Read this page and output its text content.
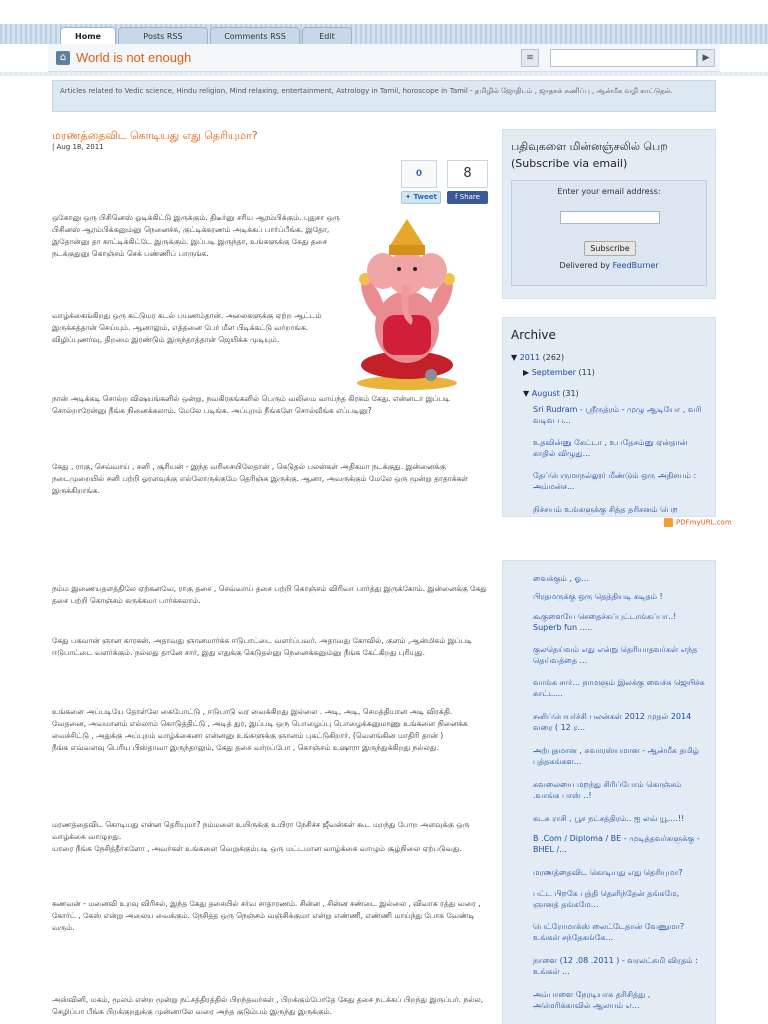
Home	Posts RSS	Comments RSS	Edit
⌂ World is not enough	≋	▶
Articles related to Vedic science, Hindu religion, Mind relaxing, entertainment, Astrology in Tamil, horoscope in Tamil - தமிழில் ஜோதிடம் , ஜாதகக் கணிப்பு , ஆன்மீக வழி காட்டுதல்.
மரணத்தைவிட கொடியது எது தெரியுமா?
| Aug 18, 2011
0	8
✦ Tweet	f Share
ஒகோனு ஒரு பிசினெஸ் ஓடிக்கிட்டு இருக்கும். திடீர்னு சரிய ஆரம்பிக்கும். புதுசா ஒரு பிசினஸ் ஆரம்பிக்கனும்னு நெனைச்சு, குட்டிக்கரணம் அடிக்கப் பார்ப்பீங்க. இதோ, இதோன்னு தா காட்டிக்கிட்டே இருக்கும். இப்படி இருந்தா, உங்களுக்கு கேது தசை நடக்குதுனு கொஞ்சம் செக் பண்ணிப் பாருங்க.
வாழ்க்கைங்கிறது ஒரு கட்டுமர கடல் பயணம்தான். அலைகளுக்கு ஏற்ற ஆட்டம் இருக்கத்தான் செய்யும். ஆனாலும், எத்தனை பேர் மீள பிடிக்கட்டு வர்றாங்க. விழிப்புணர்வு, திறமை இரண்டும் இருந்தாத்தான் ஜெயிக்க முடியும்.
நான் அடிக்கடி சொல்ற விஷயங்களில் ஒன்று, நவகிரகங்களில் பெரும் வலிமை வாய்ந்த கிரகம் கேது. என்னடா இப்படி சொல்றாரேன்னு நீங்க நினைக்கலாம். மேலே படிங்க. அப்புறம் நீங்களே சொல்வீங்க எப்படினு?
கேது , ராகு, செவ்வாய் , சனி , சூரியன் - இந்த வரிசையிலேதான் , கெடுதல் பலன்கள் அதிகமா நடக்குது. இன்னைக்கு நடைமுறையில் சனி பற்றி ஓரளவுக்கு எல்லோருக்குமே தெரிஞ்சு இருக்கு. ஆனா, அவருக்கும் மேலே ஒரு மூன்று தாதாக்கள் இருக்கிறாங்க.
பதிவுகளை மின்னஞ்சலில் பெற (Subscribe via email)
Enter your email address:
Subscribe
Delivered by FeedBurner
Archive
▼ 2011 (262)
▶ September (11)
▼ August (31)
Sri Rudram - ஸ்ரீருத்ரம் - முழு ஆடியோ , வரி வடிவ ப...
உதவின்னு கேட்டா , உபதேசம்னு ஏன்தான் காதில் விழுது...
தேப்பெருமாநல்லூர் மீண்டும் ஒரு அதிசயம் : அம்மன்ச...
நிச்சயம் உங்களுக்கு சித்த தரிசனம் பெற
PDFmyURL.com
நம்ம இணையதளத்திலே ஏற்கனவே, ராகு தசை , செவ்வாய் தசை பற்றி கொஞ்சம் விரிவா பார்த்து இருக்கோம். இன்னைக்கு கேது தசை பற்றி கொஞ்சம் சுருக்கமா பார்க்கலாம்.
கேது பகவான் ஞான காரகன். அதாவது ஞானமார்க்க ஈடுபாட்டை வளர்ப்பவர். அதாவது கோவில், குளம் ,ஆன்மிகம் இப்படி ஈடுபாட்டை வளர்க்கும். நல்லது தானே சார், இது எதுக்கு கெடுதல்னு நெனைக்கனும்னு நீங்க கேட்கிறது புரியுது.
உங்களை அப்படியே தோள்லே கைபோட்டு , ஈடுபாடு வர வைக்கிறது இல்லை . அடி, அடி, செமத்தியான அடி விரக்தி. வேதனை, அவமானம் எல்லாம் கொடுத்திட்டு , அடித் துர, இப்படி ஒரு பொழைப்பு பொழைக்கனுமாணு உங்களை நினைக்க வைச்சிட்டு , அதுக்கு அப்புறம் வாழ்க்கைனா என்னனு உங்களுக்கு ஞானம் புகட்டுகிறார். (வெளங்கின மாதிரி தான் )
நீங்க எவ்வளவு பெரிய பிஸ்தாவா இருந்தாலும், கேது தசை வர்றப்போ , கொஞ்சம் உஷாரா இருந்துக்கிறது நல்லது.
மரணத்தைவிட கொடியது என்ன தெரியுமா? நம்மளை உயிருக்கு உயிரா நேசிச்ச ஜீவன்கள் கூட மறந்து போற அளவுக்கு ஒரு வாழ்க்கை வாழுறது.
யாரை நீங்க நேசித்தீர்களோ , அவர்கள் உங்களை வெறுக்கும்படி ஒரு மட்டமான வாழ்க்கை வாழும் சூழ்நிலை ஏற்படுவது.
கணவன் - மனைவி உறவு விரிசல், இந்த கேது தசையில் சர்வ சாதாரணம். சின்ன , சின்ன சண்டை இல்லை , விவாக ரத்து வரை , கோர்ட் , கேஸ் என்று அலைய வைக்கும். நேசித்த ஒரு நெஞ்சம் வஞ்சிக்குமா என்று எண்ணி, எண்ணி மாய்ந்து போக வேண்டி வரும்.
அஸ்வினி, மகம், மூலம் என்ற மூன்று நட்சத்திரத்தில் பிறந்தவர்கள் , பிறக்கும்போதே கேது தசை நடக்கப் பிறந்து இருப்பர். நல்ல, செழிப்பா பீங்க பிறக்குறதுக்கு முன்னாலே வரை அந்த குடும்பம் இருந்து இருக்கும்.
வைக்கும் , ஓ...
பிரதமருக்கு ஒரு தெத்தியடி கடிதம் !
கூகுளையே செதைச்சுப்புட்டாங்கப்பா..! Superb fun .....
குலதெய்வம் எது என்று தெரியாதவர்கள் எந்த தெய்வத்தை ...
வாங்க சார்... நாமளும் இலக்கு வைச்சு ஜெயிச்சு காட்ட...
சனிப்பெயர்ச்சி பலன்கள் 2012 முதல் 2014 வரை ( 12 ர...
அற்புதமான , சுவாரஸ்யமான - ஆன்மீக தமிழ் புத்தகங்கள...
கவலையை மறந்து சிரிப்போம் கொஞ்சம் .வாங்க பாஸ் ..!
கடக ராசி , பூச நட்சத்திரம்.. ஐ லவ் யூ....!!
B .Com / Diploma / BE - முடித்தவர்களுக்கு - BHEL /...
மரணத்தைவிட கொடியது எது தெரியுமா?
பட்ட பிறகே புத்தி தெளிந்தேன் தங்கமே, ஞானத் தங்கமே...
பெட்ரோமாக்ஸ் லைட்டேதான் வேணுமா? உங்கள் சந்தேகங்கே...
நாளை (12 .08 .2011 ) - வரலட்சுமி விரதம் : உங்கள் ...
அம்பாளை நேரடியாக தரிசித்து , அமெரிக்காவில் ஆலயம் எ...
